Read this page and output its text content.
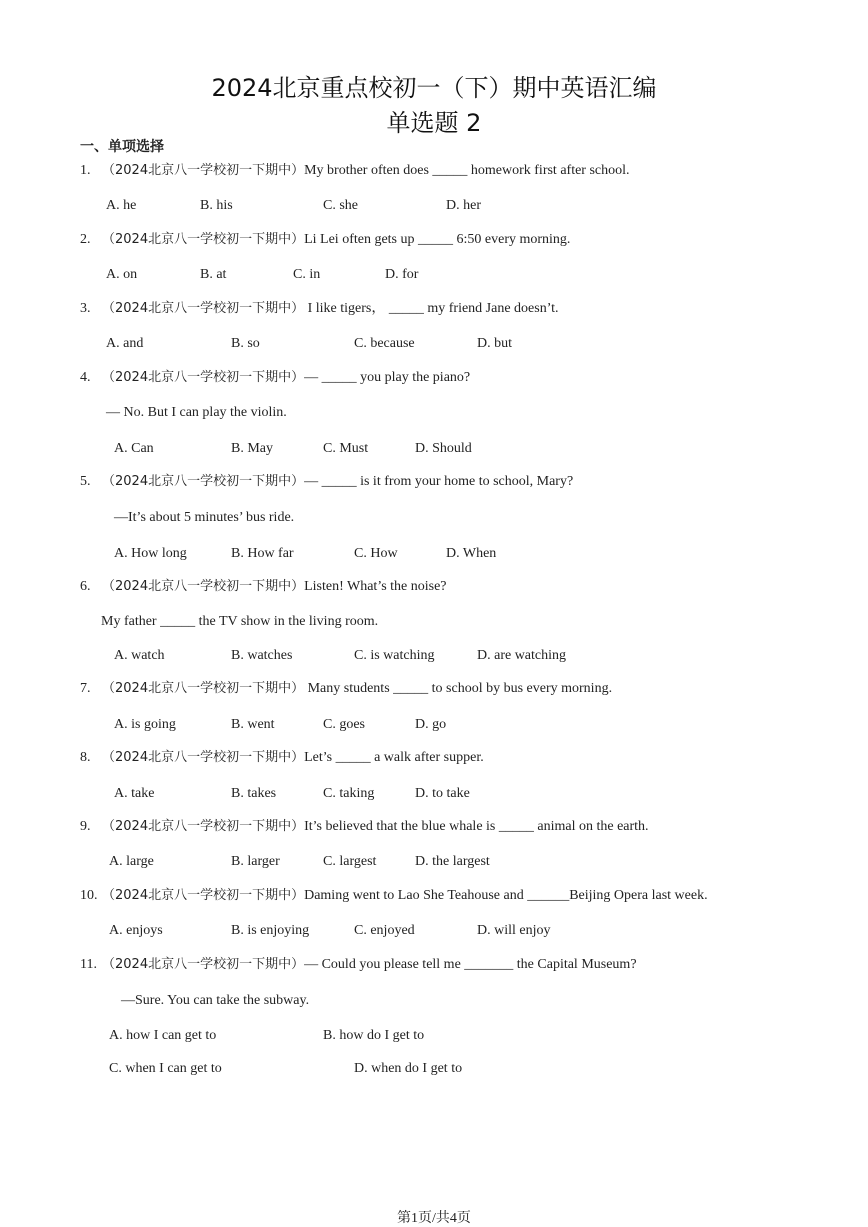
2024北京重点校初一（下）期中英语汇编
单选题 2
一、单项选择
1. （2024北京八一学校初一下期中）My brother often does _____ homework first after school.
A. he	B. his	C. she	D. her
2. （2024北京八一学校初一下期中）Li Lei often gets up _____ 6:50 every morning.
A. on	B. at	C. in	D. for
3. （2024北京八一学校初一下期中） I like tigers， _____ my friend Jane doesn’t.
A. and	B. so	C. because	D. but
4. （2024北京八一学校初一下期中）— _____ you play the piano?
— No. But I can play the violin.
A. Can	B. May	C. Must	D. Should
5. （2024北京八一学校初一下期中）— _____ is it from your home to school, Mary?
—It’s about 5 minutes’ bus ride.
A. How long	B. How far	C. How	D. When
6. （2024北京八一学校初一下期中）Listen! What’s the noise?
My father _____ the TV show in the living room.
A. watch	B. watches	C. is watching	D. are watching
7. （2024北京八一学校初一下期中） Many students _____ to school by bus every morning.
A. is going	B. went	C. goes	D. go
8. （2024北京八一学校初一下期中）Let’s _____ a walk after supper.
A. take	B. takes	C. taking	D. to take
9. （2024北京八一学校初一下期中）It’s believed that the blue whale is _____ animal on the earth.
A. large	B. larger	C. largest	D. the largest
10. （2024北京八一学校初一下期中）Daming went to Lao She Teahouse and ______Beijing Opera last week.
A. enjoys	B. is enjoying	C. enjoyed	D. will enjoy
11. （2024北京八一学校初一下期中）— Could you please tell me _______ the Capital Museum?
—Sure. You can take the subway.
A. how I can get to	B. how do I get to
C. when I can get to	D. when do I get to
第1页/共4页
